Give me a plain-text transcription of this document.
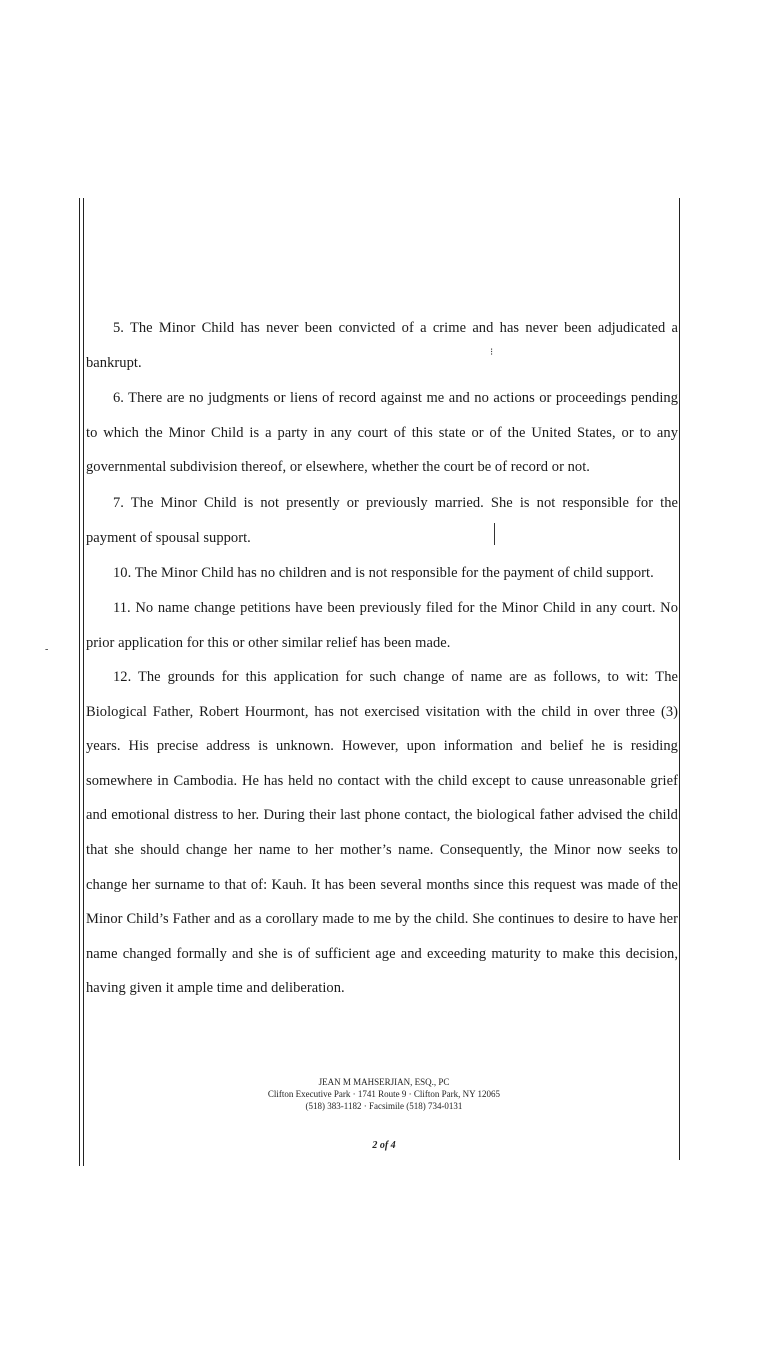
⁝
-

5. The Minor Child has never been convicted of a crime and has never been adjudicated a bankrupt.

6. There are no judgments or liens of record against me and no actions or proceedings pending to which the Minor Child is a party in any court of this state or of the United States, or to any governmental subdivision thereof, or elsewhere, whether the court be of record or not.

7. The Minor Child is not presently or previously married. She is not responsible for the payment of spousal support.

10. The Minor Child has no children and is not responsible for the payment of child support.

11. No name change petitions have been previously filed for the Minor Child in any court. No prior application for this or other similar relief has been made.

12. The grounds for this application for such change of name are as follows, to wit: The Biological Father, Robert Hourmont, has not exercised visitation with the child in over three (3) years. His precise address is unknown. However, upon information and belief he is residing somewhere in Cambodia. He has held no contact with the child except to cause unreasonable grief and emotional distress to her. During their last phone contact, the biological father advised the child that she should change her name to her mother’s name. Consequently, the Minor now seeks to change her surname to that of: Kauh. It has been several months since this request was made of the Minor Child’s Father and as a corollary made to me by the child. She continues to desire to have her name changed formally and she is of sufficient age and exceeding maturity to make this decision, having given it ample time and deliberation.

JEAN M MAHSERJIAN, ESQ., PC
Clifton Executive Park · 1741 Route 9 · Clifton Park, NY 12065
(518) 383-1182 · Facsimile (518) 734-0131
2 of 4
